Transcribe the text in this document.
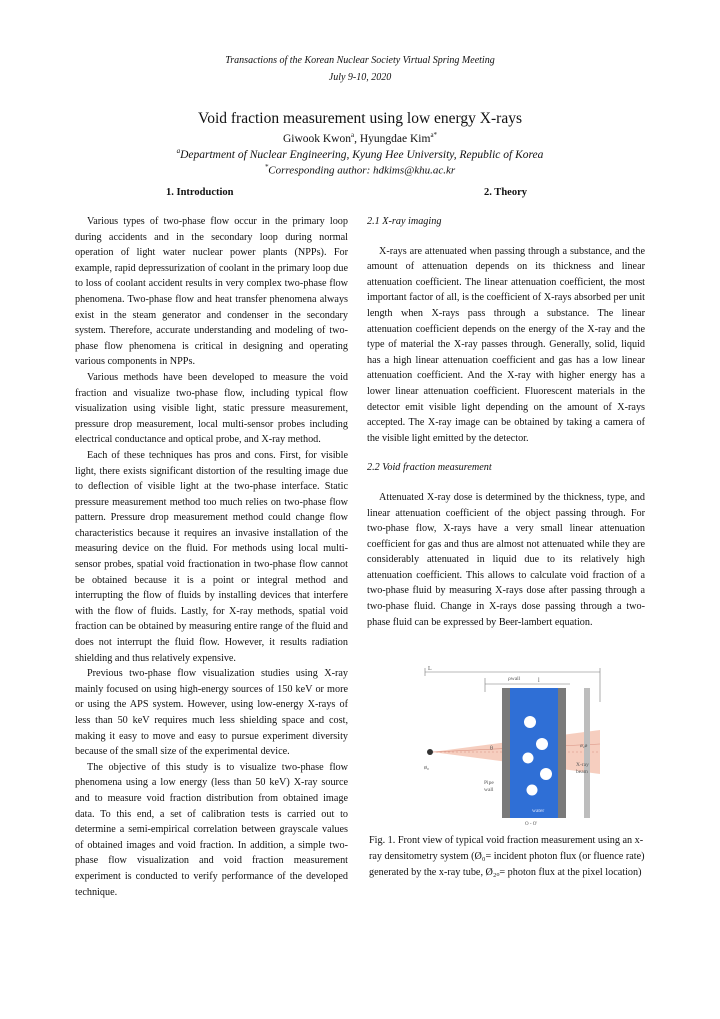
Transactions of the Korean Nuclear Society Virtual Spring Meeting
July 9-10, 2020
Void fraction measurement using low energy X-rays
Giwook Kwon$^a$, Hyungdae Kim$^{a*}$
$^a$Department of Nuclear Engineering, Kyung Hee University, Republic of Korea
*Corresponding author: hdkims@khu.ac.kr
1. Introduction	2. Theory

Various types of two-phase flow occur in the primary loop during accidents and in the secondary loop during normal operation of light water nuclear power plants (NPPs). For example, rapid depressurization of coolant in the primary loop due to loss of coolant accident results in very complex two-phase flow phenomena. Two-phase flow and heat transfer phenomena always exist in the steam generator and condenser in the secondary system. Therefore, accurate understanding and modeling of two-phase flow phenomena is critical in designing and operating various components in NPPs.

Various methods have been developed to measure the void fraction and visualize two-phase flow, including typical flow visualization using visible light, static pressure measurement, pressure drop measurement, local multi-sensor probes including electrical conductance and optical probe, and X-ray method.

Each of these techniques has pros and cons. First, for visible light, there exists significant distortion of the resulting image due to deflection of visible light at the two-phase interface. Static pressure measurement method too much relies on two-phase flow pattern. Pressure drop measurement method could change flow characteristics because it requires an invasive installation of the measuring device on the fluid. For methods using local multi-sensor probes, spatial void fractionation in two-phase flow cannot be obtained because it is a point or integral method and interrupting the flow of fluids by installing devices that interfere with the flow of fluids. Lastly, for X-ray methods, spatial void fraction can be obtained by measuring entire range of the fluid and does not interrupt the fluid flow. However, it results radiation shielding and thus relatively expensive.

Previous two-phase flow visualization studies using X-ray mainly focused on using high-energy sources of 150 keV or more or using the APS system. However, using low-energy X-rays of less than 50 keV requires much less shielding space and cost, making it easy to move and easy to pursue experiment diversity because of the small size of the experimental device.

The objective of this study is to visualize two-phase flow phenomena using a low energy (less than 50 keV) X-ray source and to measure void fraction distribution from obtained image data. To this end, a set of calibration tests is carried out to determine a semi-empirical correlation between grayscale values of obtained images and void fraction. In addition, a simple two-phase flow visualization and void fraction measurement experiment is conducted to verify performance of the developed technique.

2.1 X-ray imaging

X-rays are attenuated when passing through a substance, and the amount of attenuation depends on its thickness and linear attenuation coefficient. The linear attenuation coefficient, the most important factor of all, is the coefficient of X-rays absorbed per unit length when X-rays pass through a substance. The linear attenuation coefficient depends on the energy of the X-ray and the type of material the X-ray passes through. Generally, solid, liquid has a high linear attenuation coefficient and gas has a low linear attenuation coefficient. And the X-ray with higher energy has a lower linear attenuation coefficient. Fluorescent materials in the detector emit visible light depending on the amount of X-rays accepted. The X-ray image can be obtained by taking a camera of the visible light emitted by the detector.

2.2 Void fraction measurement

Attenuated X-ray dose is determined by the thickness, type, and linear attenuation coefficient of the object passing through. For two-phase flow, X-rays have a very small linear attenuation coefficient for gas and thus are almost not attenuated while they are considerably attenuated in liquid due to its relatively high attenuation coefficient. This allows to calculate void fraction of a two-phase fluid by measuring X-rays dose after passing through a two-phase fluid. Change in X-rays dose passing through a two-phase fluid can be expressed by Beer-lambert equation.

L
l
ρwall
θ
ø₀
ø₂ø
X-ray
beam
Pipe
wall
water
O - O'
Fig. 1. Front view of typical void fraction measurement using an x-ray densitometry system (Ø₀= incident photon flux (or fluence rate) generated by the x-ray tube, Ø₂ₒ= photon flux at the pixel location)
